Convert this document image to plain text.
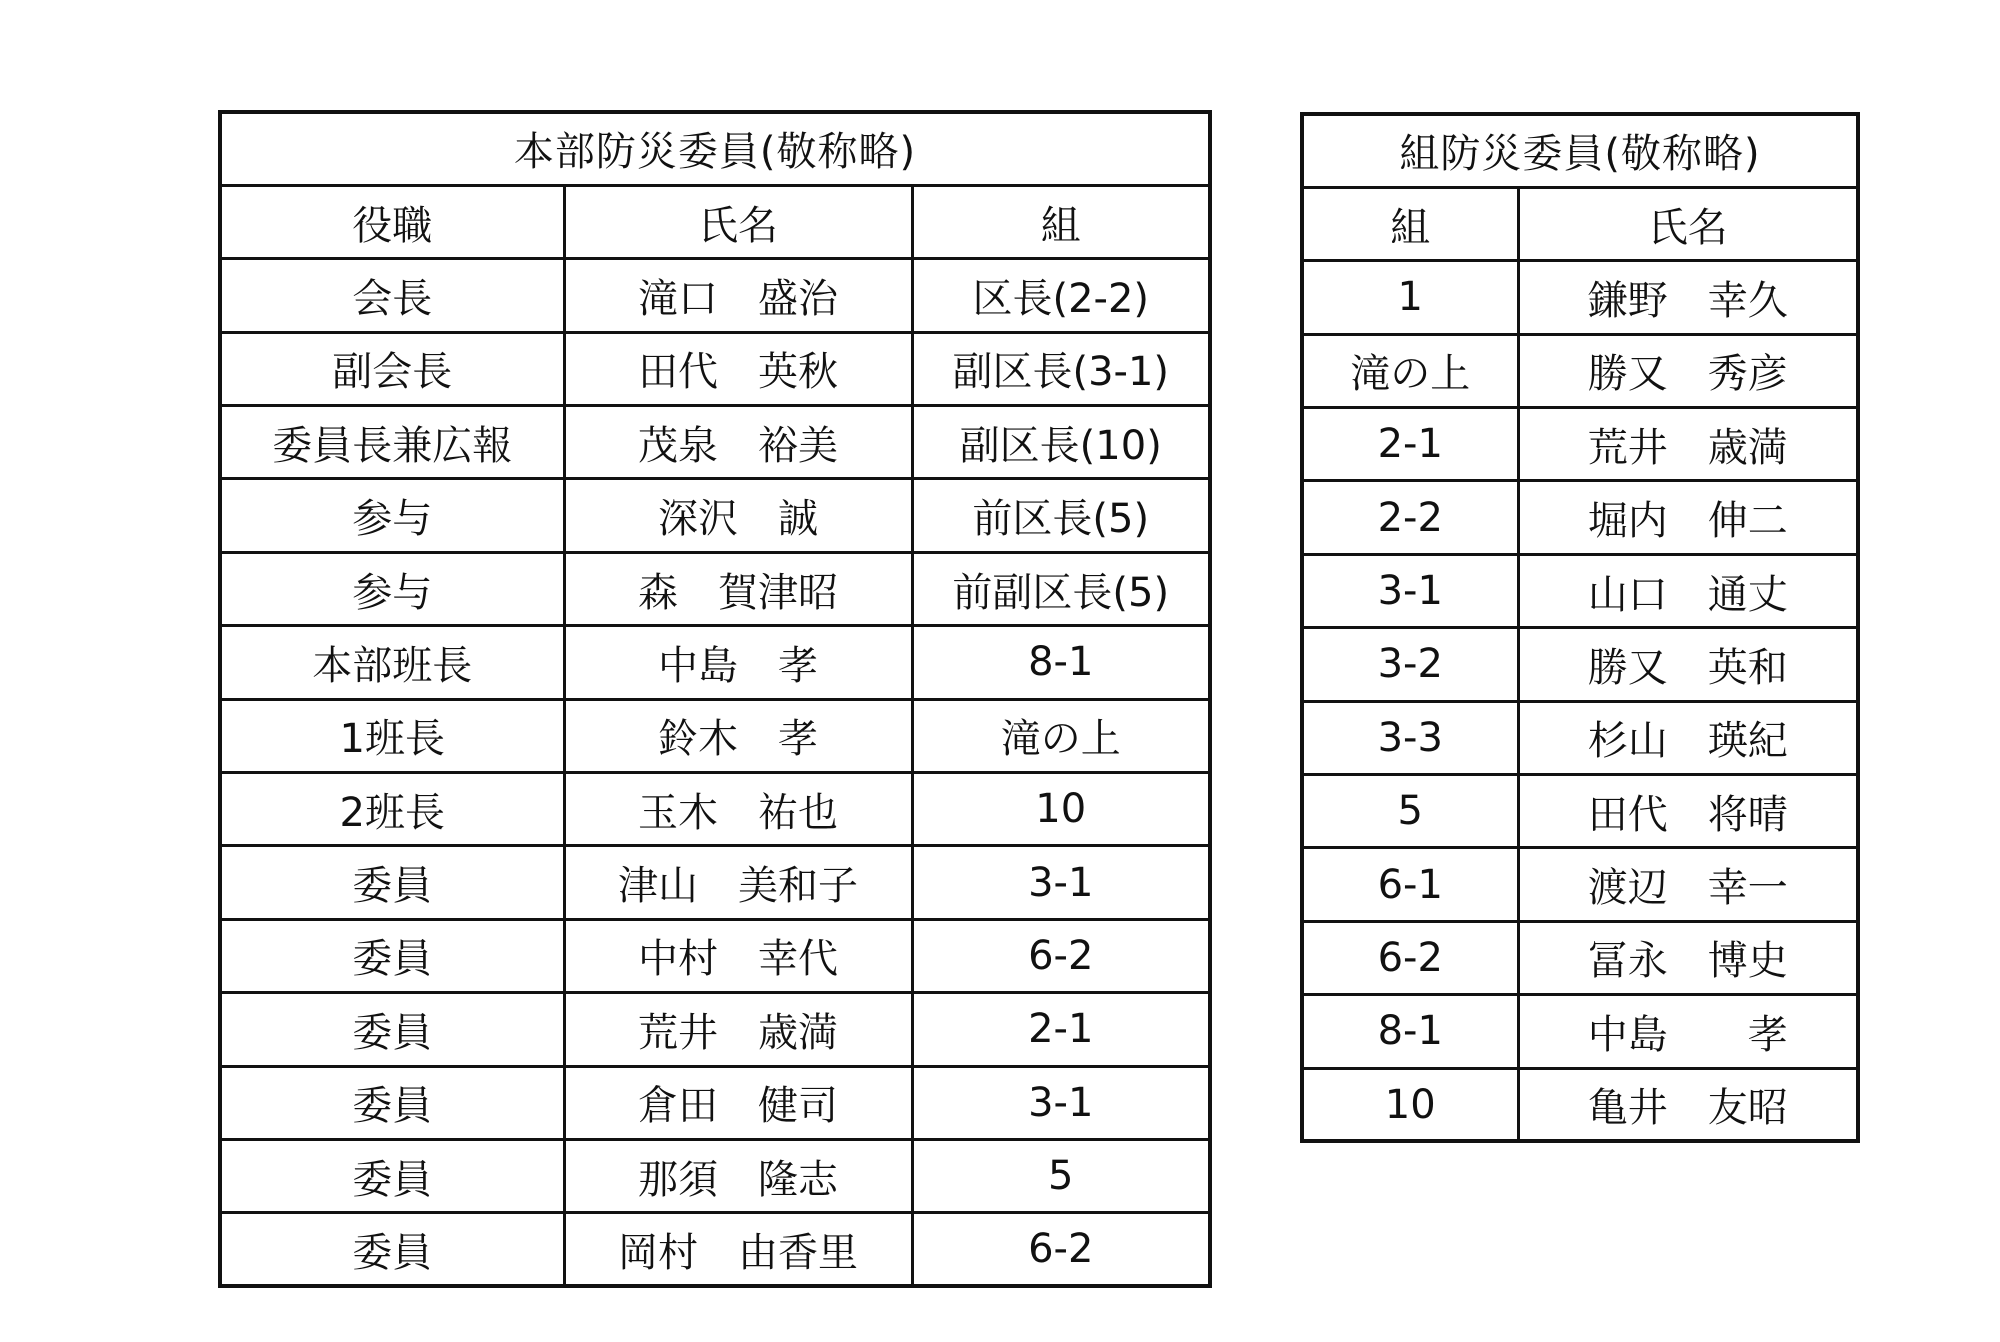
本部防災委員(敬称略)		
役職	氏名	組
会長	滝口　盛治	区長(2-2)
副会長	田代　英秋	副区長(3-1)
委員長兼広報	茂泉　裕美	副区長(10)
参与	深沢　誠	前区長(5)
参与	森　賀津昭	前副区長(5)
本部班長	中島　孝	8-1
1班長	鈴木　孝	滝の上
2班長	玉木　祐也	10
委員	津山　美和子	3-1
委員	中村　幸代	6-2
委員	荒井　歳満	2-1
委員	倉田　健司	3-1
委員	那須　隆志	5
委員	岡村　由香里	6-2
組防災委員(敬称略)	
組	氏名
1	鎌野　幸久
滝の上	勝又　秀彦
2-1	荒井　歳満
2-2	堀内　伸二
3-1	山口　通丈
3-2	勝又　英和
3-3	杉山　瑛紀
5	田代　将晴
6-1	渡辺　幸一
6-2	冨永　博史
8-1	中島　　孝
10	亀井　友昭
